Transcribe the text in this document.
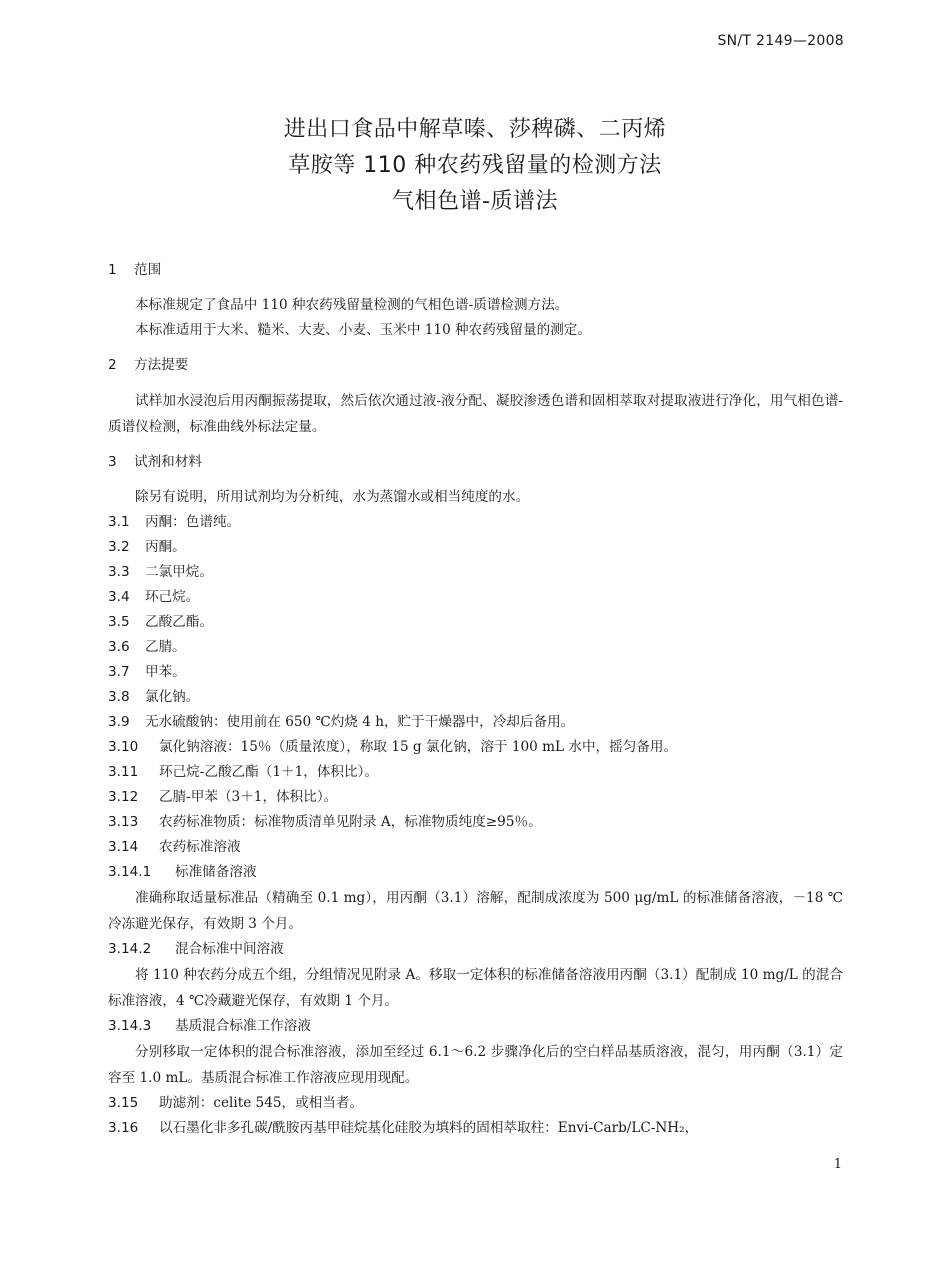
SN/T 2149—2008
进出口食品中解草嗪、莎稗磷、二丙烯
草胺等 110 种农药残留量的检测方法
气相色谱-质谱法
1 范围
本标准规定了食品中 110 种农药残留量检测的气相色谱-质谱检测方法。
本标准适用于大米、糙米、大麦、小麦、玉米中 110 种农药残留量的测定。
2 方法提要
试样加水浸泡后用丙酮振荡提取，然后依次通过液-液分配、凝胶渗透色谱和固相萃取对提取液进行净化，用气相色谱-质谱仪检测，标准曲线外标法定量。
3 试剂和材料
除另有说明，所用试剂均为分析纯，水为蒸馏水或相当纯度的水。
3.1 丙酮：色谱纯。
3.2 丙酮。
3.3 二氯甲烷。
3.4 环己烷。
3.5 乙酸乙酯。
3.6 乙腈。
3.7 甲苯。
3.8 氯化钠。
3.9 无水硫酸钠：使用前在 650 ℃灼烧 4 h，贮于干燥器中，冷却后备用。
3.10 氯化钠溶液：15％（质量浓度），称取 15 g 氯化钠，溶于 100 mL 水中，摇匀备用。
3.11 环己烷-乙酸乙酯（1＋1，体积比）。
3.12 乙腈-甲苯（3＋1，体积比）。
3.13 农药标准物质：标准物质清单见附录 A，标准物质纯度≥95％。
3.14 农药标准溶液
3.14.1 标准储备溶液
准确称取适量标准品（精确至 0.1 mg），用丙酮（3.1）溶解，配制成浓度为 500 μg/mL 的标准储备溶液，－18 ℃冷冻避光保存，有效期 3 个月。
3.14.2 混合标准中间溶液
将 110 种农药分成五个组，分组情况见附录 A。移取一定体积的标准储备溶液用丙酮（3.1）配制成 10 mg/L 的混合标准溶液，4 ℃冷藏避光保存，有效期 1 个月。
3.14.3 基质混合标准工作溶液
分别移取一定体积的混合标准溶液，添加至经过 6.1～6.2 步骤净化后的空白样品基质溶液，混匀，用丙酮（3.1）定容至 1.0 mL。基质混合标准工作溶液应现用现配。
3.15 助滤剂：celite 545，或相当者。
3.16 以石墨化非多孔碳/酰胺丙基甲硅烷基化硅胶为填料的固相萃取柱：Envi-Carb/LC-NH₂，
1
